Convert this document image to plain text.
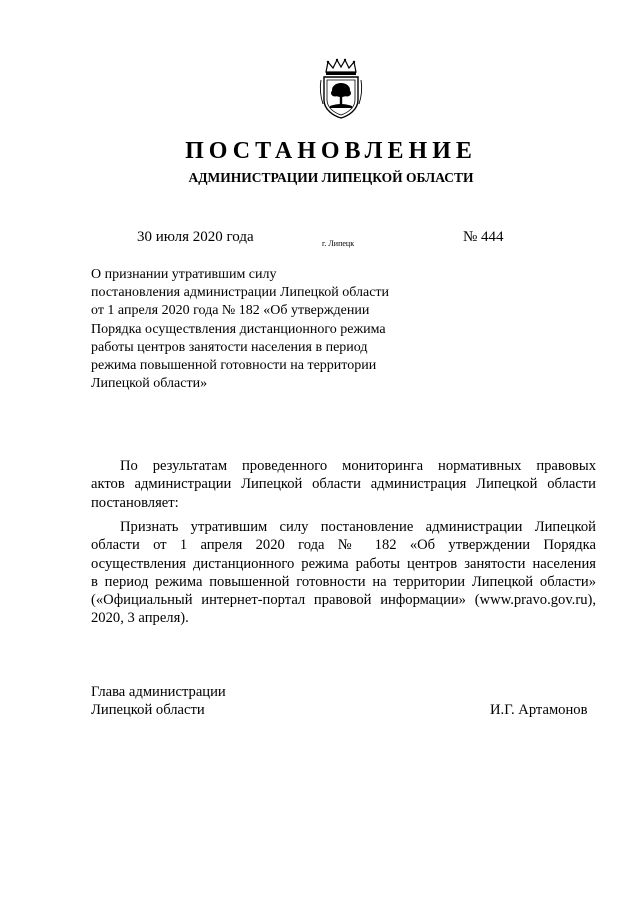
ПОСТАНОВЛЕНИЕ
АДМИНИСТРАЦИИ ЛИПЕЦКОЙ ОБЛАСТИ
30 июля 2020 года	г. Липецк	№ 444
О признании утратившим силу
постановления администрации Липецкой области
от 1 апреля 2020 года № 182 «Об утверждении
Порядка осуществления дистанционного режима
работы центров занятости населения в период
режима повышенной готовности на территории
Липецкой области»
По результатам проведенного мониторинга нормативных правовых
актов администрации Липецкой области администрация Липецкой области
постановляет:
Признать утратившим силу постановление администрации Липецкой
области от 1 апреля 2020 года № 182 «Об утверждении Порядка
осуществления дистанционного режима работы центров занятости населения
в период режима повышенной готовности на территории Липецкой области»
(«Официальный интернет-портал правовой информации» (www.pravo.gov.ru),
2020, 3 апреля).
Глава администрации
Липецкой области	И.Г. Артамонов
